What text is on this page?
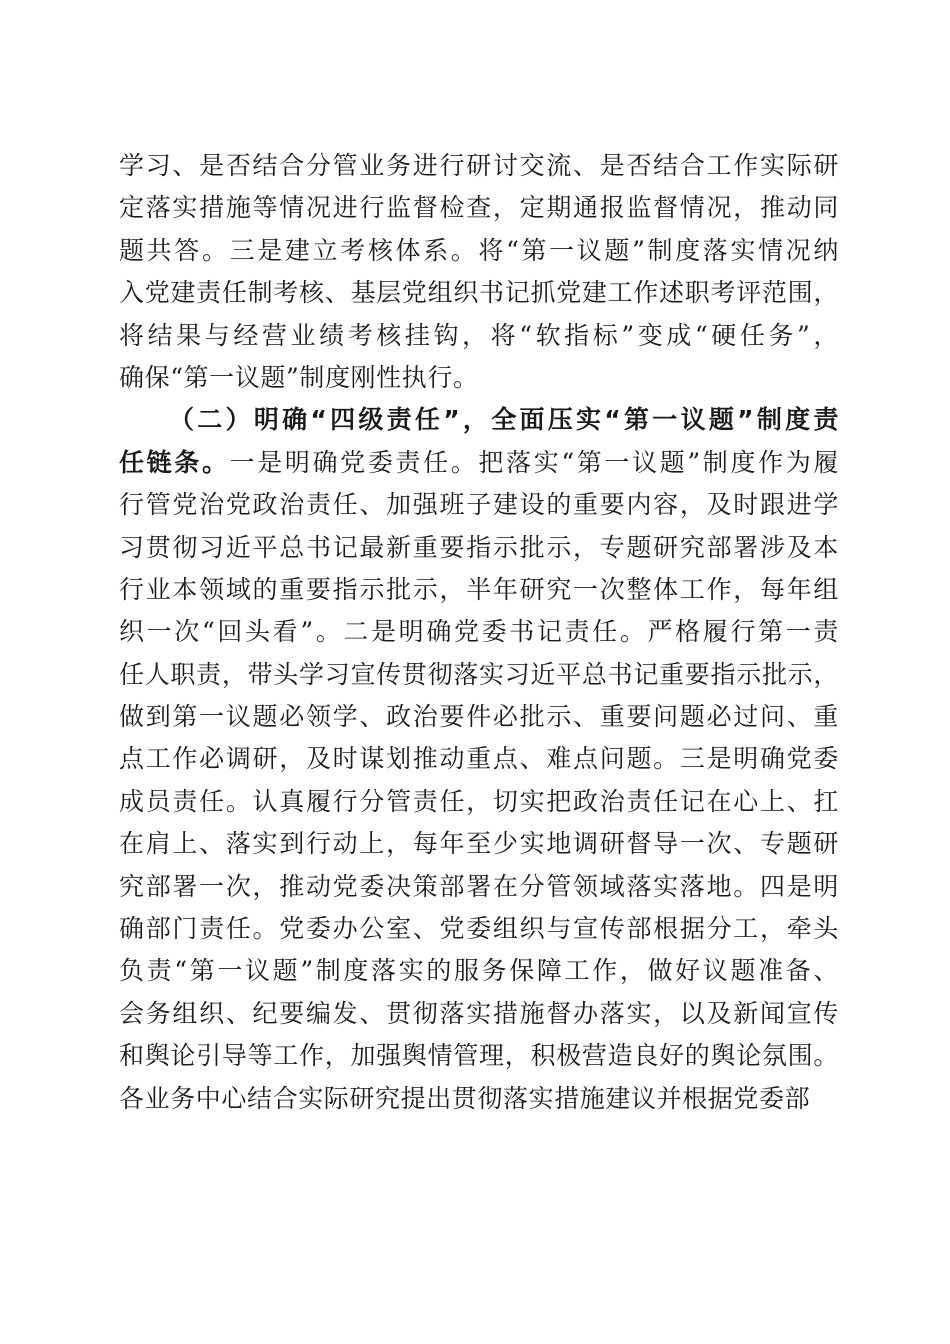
学习、是否结合分管业务进行研讨交流、是否结合工作实际研
定落实措施等情况进行监督检查，定期通报监督情况，推动同
题共答。三是建立考核体系。将“第一议题”制度落实情况纳
入党建责任制考核、基层党组织书记抓党建工作述职考评范围，
将结果与经营业绩考核挂钩，将“软指标”变成“硬任务”，
确保“第一议题”制度刚性执行。
（二）明确“四级责任”，全面压实“第一议题”制度责
任链条。一是明确党委责任。把落实“第一议题”制度作为履
行管党治党政治责任、加强班子建设的重要内容，及时跟进学
习贯彻习近平总书记最新重要指示批示，专题研究部署涉及本
行业本领域的重要指示批示，半年研究一次整体工作，每年组
织一次“回头看”。二是明确党委书记责任。严格履行第一责
任人职责，带头学习宣传贯彻落实习近平总书记重要指示批示，
做到第一议题必领学、政治要件必批示、重要问题必过问、重
点工作必调研，及时谋划推动重点、难点问题。三是明确党委
成员责任。认真履行分管责任，切实把政治责任记在心上、扛
在肩上、落实到行动上，每年至少实地调研督导一次、专题研
究部署一次，推动党委决策部署在分管领域落实落地。四是明
确部门责任。党委办公室、党委组织与宣传部根据分工，牵头
负责“第一议题”制度落实的服务保障工作，做好议题准备、
会务组织、纪要编发、贯彻落实措施督办落实，以及新闻宣传
和舆论引导等工作，加强舆情管理，积极营造良好的舆论氛围。
各业务中心结合实际研究提出贯彻落实措施建议并根据党委部
